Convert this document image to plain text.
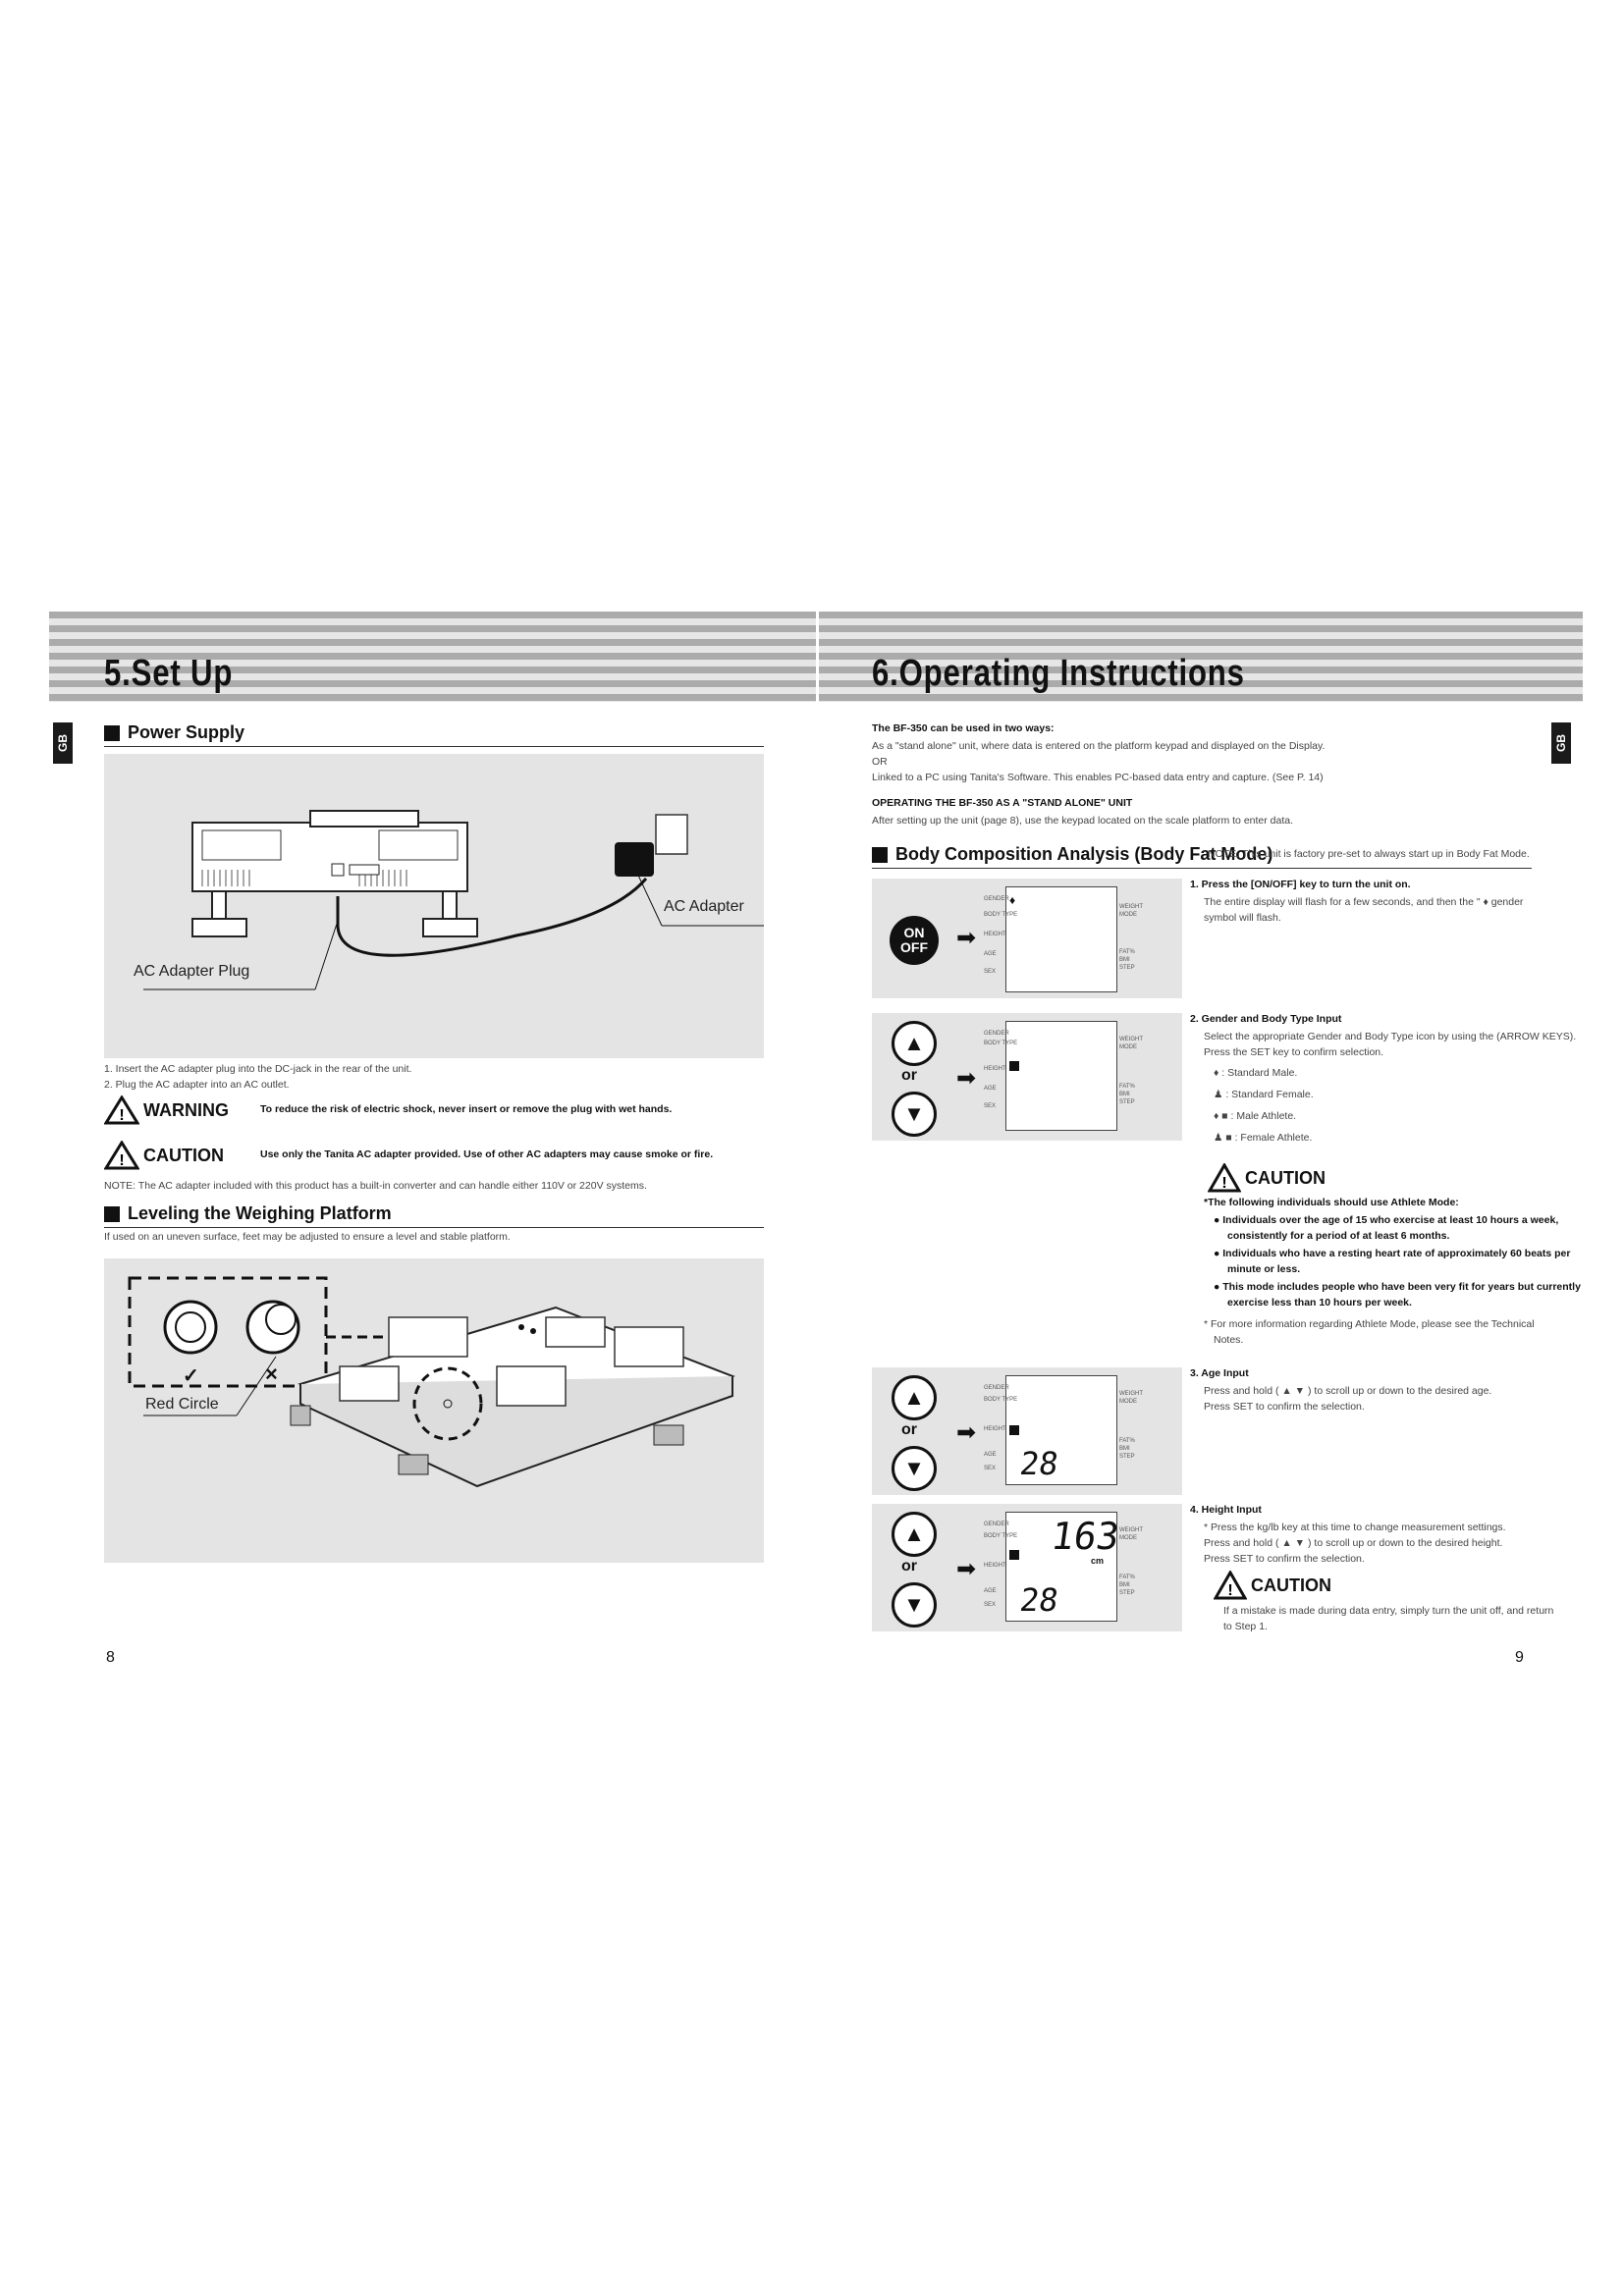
5.Set Up	6.Operating Instructions
GB	GB
Power Supply
AC Adapter
AC Adapter Plug
1. Insert the AC adapter plug into the DC-jack in the rear of the unit.
2. Plug the AC adapter into an AC outlet.
! WARNING	To reduce the risk of electric shock, never insert or remove the plug with wet hands.
! CAUTION	Use only the Tanita AC adapter provided. Use of other AC adapters may cause smoke or fire.
NOTE: The AC adapter included with this product has a built-in converter and can handle either 110V or 220V systems.
Leveling the Weighing Platform
If used on an uneven surface, feet may be adjusted to ensure a level and stable platform.
✓	×
Red Circle
8
The BF-350 can be used in two ways:
As a "stand alone" unit, where data is entered on the platform keypad and displayed on the Display.
OR
Linked to a PC using Tanita's Software. This enables PC-based data entry and capture. (See P. 14)
OPERATING THE BF-350 AS A "STAND ALONE" UNIT
After setting up the unit (page 8), use the keypad located on the scale platform to enter data.
Body Composition Analysis (Body Fat Mode)
NOTE: This unit is factory pre-set to always start up in Body Fat Mode.
ON
OFF ➡
♦
GENDER
BODY TYPE
HEIGHT
AGE
SEX
WEIGHT
MODE
FAT%
BMI
STEP
1. Press the [ON/OFF] key to turn the unit on.
The entire display will flash for a few seconds, and then the " ♦ gender
symbol will flash.
▲
or
▼
➡
GENDER
BODY TYPE
HEIGHT
AGE
SEX
WEIGHT
MODE
FAT%
BMI
STEP
2. Gender and Body Type Input
Select the appropriate Gender and Body Type icon by using the (ARROW KEYS).
Press the SET key to confirm selection.
♦ : Standard Male.
♟ : Standard Female.
♦ ■ : Male Athlete.
♟ ■ : Female Athlete.
! CAUTION
*The following individuals should use Athlete Mode:
● Individuals over the age of 15 who exercise at least 10 hours a week,
consistently for a period of at least 6 months.
● Individuals who have a resting heart rate of approximately 60 beats per
minute or less.
● This mode includes people who have been very fit for years but currently
exercise less than 10 hours per week.
* For more information regarding Athlete Mode, please see the Technical
Notes.
▲
or
▼
➡
28
GENDER
BODY TYPE
HEIGHT
AGE
SEX
WEIGHT
MODE
FAT%
BMI
STEP
3. Age Input
Press and hold ( ▲ ▼ ) to scroll up or down to the desired age.
Press SET to confirm the selection.
▲
or
▼
➡
163
cm
28
GENDER
BODY TYPE
HEIGHT
AGE
SEX
WEIGHT
MODE
FAT%
BMI
STEP
4. Height Input
* Press the kg/lb key at this time to change measurement settings.
Press and hold ( ▲ ▼ ) to scroll up or down to the desired height.
Press SET to confirm the selection.
! CAUTION
If a mistake is made during data entry, simply turn the unit off, and return
to Step 1.
9
